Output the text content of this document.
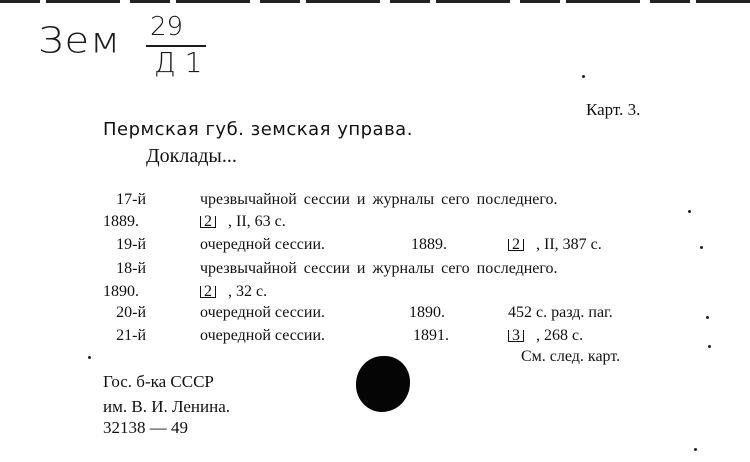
Зем 29
Д 1
Карт. 3.
Пермская губ. земская управа.
Доклады...
17-й	чрезвычайной сессии и журналы сего последнего.
1889.	2 , II, 63 с.
19-й	очередной сессии.	1889.	2 , II, 387 с.
18-й	чрезвычайной сессии и журналы сего последнего.
1890.	2 , 32 с.
20-й	очередной сессии.	1890.	452 с. разд. паг.
21-й	очередной сессии.	1891.	3 , 268 с.
См. след. карт.
Гос. б-ка СССР
им. В. И. Ленина.
32138 — 49
